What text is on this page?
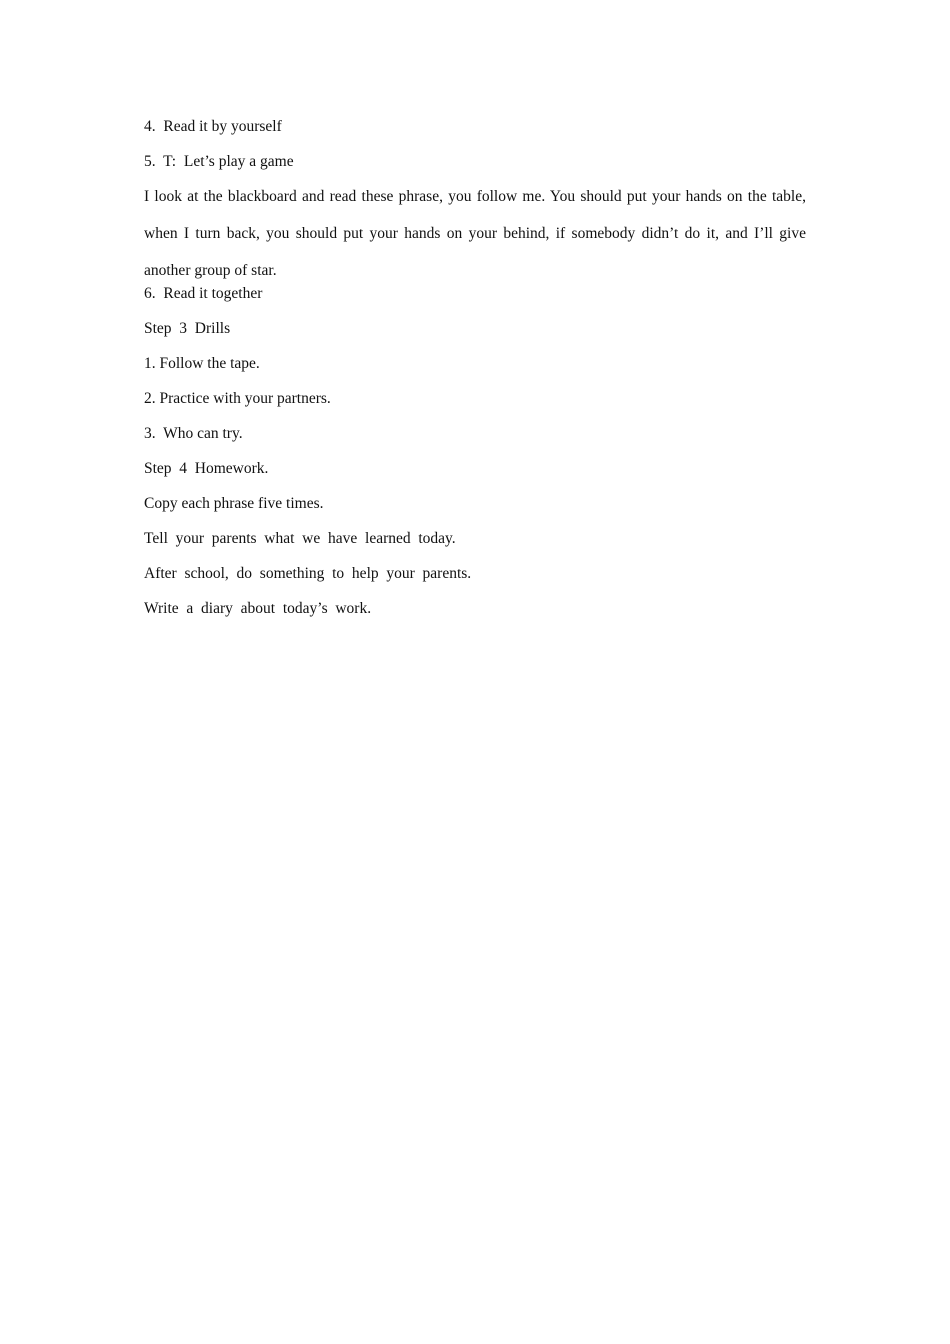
4.  Read it by yourself
5.  T:  Let’s play a game
I look at the blackboard and read these phrase, you follow me. You should put your hands on the table, when I turn back, you should put your hands on your behind, if somebody didn’t do it, and I’ll give another group of star.
6.  Read it together
Step  3  Drills
1. Follow the tape.
2. Practice with your partners.
3.  Who can try.
Step  4  Homework.
Copy each phrase five times.
Tell  your  parents  what  we  have  learned  today.
After  school,  do  something  to  help  your  parents.
Write  a  diary  about  today’s  work.
